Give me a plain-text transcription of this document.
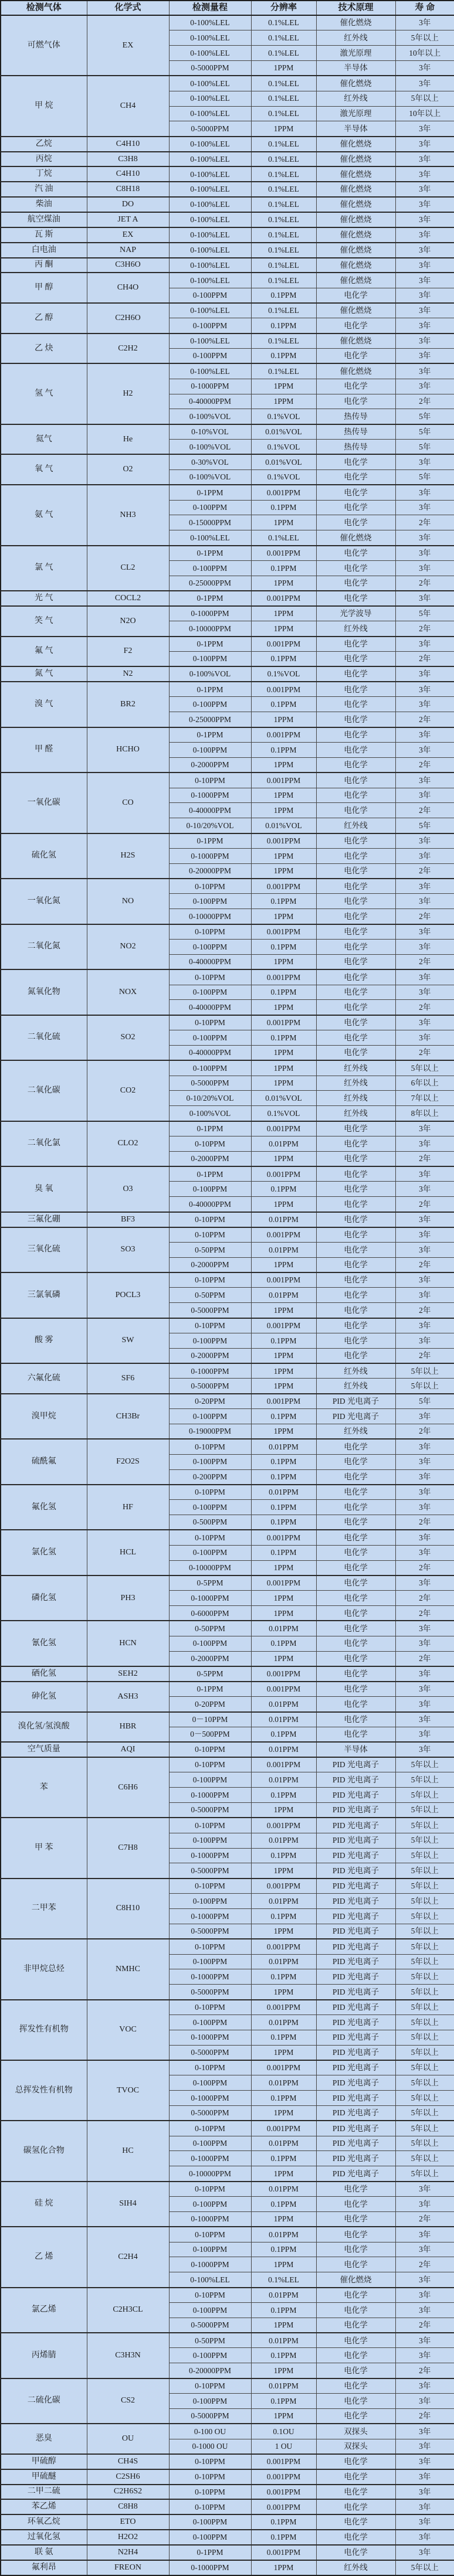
检测气体	化学式	检测量程	分辨率	技术原理	寿 命
可燃气体	EX	0-100%LEL	0.1%LEL	催化燃烧	3年
		0-100%LEL	0.1%LEL	红外线	5年以上
		0-100%LEL	0.1%LEL	激光原理	10年以上
		0-5000PPM	1PPM	半导体	3年
甲 烷	CH4	0-100%LEL	0.1%LEL	催化燃烧	3年
		0-100%LEL	0.1%LEL	红外线	5年以上
		0-100%LEL	0.1%LEL	激光原理	10年以上
		0-5000PPM	1PPM	半导体	3年
乙烷	C4H10	0-100%LEL	0.1%LEL	催化燃烧	3年
丙烷	C3H8	0-100%LEL	0.1%LEL	催化燃烧	3年
丁烷	C4H10	0-100%LEL	0.1%LEL	催化燃烧	3年
汽 油	C8H18	0-100%LEL	0.1%LEL	催化燃烧	3年
柴油	DO	0-100%LEL	0.1%LEL	催化燃烧	3年
航空煤油	JET A	0-100%LEL	0.1%LEL	催化燃烧	3年
瓦 斯	EX	0-100%LEL	0.1%LEL	催化燃烧	3年
白电油	NAP	0-100%LEL	0.1%LEL	催化燃烧	3年
丙 酮	C3H6O	0-100%LEL	0.1%LEL	催化燃烧	3年
甲 醇	CH4O	0-100%LEL	0.1%LEL	催化燃烧	3年
		0-100PPM	0.1PPM	电化学	3年
乙 醇	C2H6O	0-100%LEL	0.1%LEL	催化燃烧	3年
		0-100PPM	0.1PPM	电化学	3年
乙 炔	C2H2	0-100%LEL	0.1%LEL	催化燃烧	3年
		0-100PPM	0.1PPM	电化学	3年
氢 气	H2	0-100%LEL	0.1%LEL	催化燃烧	3年
		0-1000PPM	1PPM	电化学	3年
		0-40000PPM	1PPM	电化学	2年
		0-100%VOL	0.1%VOL	热传导	5年
氦气	He	0-10%VOL	0.01%VOL	热传导	5年
		0-100%VOL	0.1%VOL	热传导	5年
氧 气	O2	0-30%VOL	0.01%VOL	电化学	3年
		0-100%VOL	0.1%VOL	电化学	5年
氨 气	NH3	0-1PPM	0.001PPM	电化学	3年
		0-100PPM	0.1PPM	电化学	3年
		0-15000PPM	1PPM	电化学	2年
		0-100%LEL	0.1%LEL	催化燃烧	3年
氯 气	CL2	0-1PPM	0.001PPM	电化学	3年
		0-100PPM	0.1PPM	电化学	3年
		0-25000PPM	1PPM	电化学	2年
光 气	COCL2	0-1PPM	0.001PPM	电化学	3年
笑 气	N2O	0-1000PPM	1PPM	光学波导	5年
		0-10000PPM	1PPM	红外线	2年
氟 气	F2	0-1PPM	0.001PPM	电化学	3年
		0-100PPM	0.1PPM	电化学	2年
氮 气	N2	0-100%VOL	0.1%VOL	电化学	3年
溴 气	BR2	0-1PPM	0.001PPM	电化学	3年
		0-100PPM	0.1PPM	电化学	3年
		0-25000PPM	1PPM	电化学	2年
甲 醛	HCHO	0-1PPM	0.001PPM	电化学	3年
		0-100PPM	0.1PPM	电化学	3年
		0-2000PPM	1PPM	电化学	2年
一氧化碳	CO	0-10PPM	0.001PPM	电化学	3年
		0-1000PPM	1PPM	电化学	3年
		0-40000PPM	1PPM	电化学	2年
		0-10/20%VOL	0.01%VOL	红外线	5年
硫化氢	H2S	0-1PPM	0.001PPM	电化学	3年
		0-1000PPM	1PPM	电化学	3年
		0-20000PPM	1PPM	电化学	2年
一氧化氮	NO	0-10PPM	0.001PPM	电化学	3年
		0-100PPM	0.1PPM	电化学	3年
		0-10000PPM	1PPM	电化学	2年
二氧化氮	NO2	0-10PPM	0.001PPM	电化学	3年
		0-100PPM	0.1PPM	电化学	3年
		0-40000PPM	1PPM	电化学	2年
氮氧化物	NOX	0-10PPM	0.001PPM	电化学	3年
		0-100PPM	0.1PPM	电化学	3年
		0-40000PPM	1PPM	电化学	2年
二氧化硫	SO2	0-10PPM	0.001PPM	电化学	3年
		0-100PPM	0.1PPM	电化学	3年
		0-40000PPM	1PPM	电化学	2年
二氧化碳	CO2	0-100PPM	1PPM	红外线	5年以上
		0-5000PPM	1PPM	红外线	6年以上
		0-10/20%VOL	0.01%VOL	红外线	7年以上
		0-100%VOL	0.1%VOL	红外线	8年以上
二氧化氯	CLO2	0-1PPM	0.001PPM	电化学	3年
		0-10PPM	0.01PPM	电化学	3年
		0-2000PPM	1PPM	电化学	2年
臭 氧	O3	0-1PPM	0.001PPM	电化学	3年
		0-100PPM	0.1PPM	电化学	3年
		0-40000PPM	1PPM	电化学	2年
三氟化硼	BF3	0-10PPM	0.01PPM	电化学	3年
三氧化硫	SO3	0-10PPM	0.001PPM	电化学	3年
		0-50PPM	0.01PPM	电化学	3年
		0-2000PPM	1PPM	电化学	2年
三氯氧磷	POCL3	0-10PPM	0.001PPM	电化学	3年
		0-50PPM	0.01PPM	电化学	3年
		0-5000PPM	1PPM	电化学	2年
酸 雾	SW	0-10PPM	0.001PPM	电化学	3年
		0-100PPM	0.1PPM	电化学	3年
		0-2000PPM	1PPM	电化学	2年
六氟化硫	SF6	0-1000PPM	1PPM	红外线	5年以上
		0-5000PPM	1PPM	红外线	5年以上
溴甲烷	CH3Br	0-20PPM	0.001PPM	PID 光电离子	5年
		0-100PPM	0.1PPM	PID 光电离子	3年
		0-19000PPM	1PPM	红外线	2年
硫酰氟	F2O2S	0-10PPM	0.01PPM	电化学	3年
		0-100PPM	0.1PPM	电化学	3年
		0-200PPM	0.1PPM	电化学	3年
氟化氢	HF	0-10PPM	0.01PPM	电化学	3年
		0-100PPM	0.1PPM	电化学	3年
		0-500PPM	0.1PPM	电化学	2年
氯化氢	HCL	0-10PPM	0.001PPM	电化学	3年
		0-100PPM	0.1PPM	电化学	3年
		0-10000PPM	1PPM	电化学	2年
磷化氢	PH3	0-5PPM	0.001PPM	电化学	3年
		0-1000PPM	1PPM	电化学	2年
		0-6000PPM	1PPM	电化学	2年
氰化氢	HCN	0-50PPM	0.01PPM	电化学	3年
		0-100PPM	0.1PPM	电化学	3年
		0-2000PPM	1PPM	电化学	2年
硒化氢	SEH2	0-5PPM	0.001PPM	电化学	3年
砷化氢	ASH3	0-1PPM	0.001PPM	电化学	3年
		0-20PPM	0.01PPM	电化学	3年
溴化氢/氢溴酸	HBR	0－10PPM	0.01PPM	电化学	3年
		0－500PPM	0.1PPM	电化学	3年
空气质量	AQI	0-10PPM	0.01PPM	半导体	3年
苯	C6H6	0-10PPM	0.001PPM	PID 光电离子	5年以上
		0-100PPM	0.01PPM	PID 光电离子	5年以上
		0-1000PPM	0.1PPM	PID 光电离子	5年以上
		0-5000PPM	1PPM	PID 光电离子	5年以上
甲 苯	C7H8	0-10PPM	0.001PPM	PID 光电离子	5年以上
		0-100PPM	0.01PPM	PID 光电离子	5年以上
		0-1000PPM	0.1PPM	PID 光电离子	5年以上
		0-5000PPM	1PPM	PID 光电离子	5年以上
二甲苯	C8H10	0-10PPM	0.001PPM	PID 光电离子	5年以上
		0-100PPM	0.01PPM	PID 光电离子	5年以上
		0-1000PPM	0.1PPM	PID 光电离子	5年以上
		0-5000PPM	1PPM	PID 光电离子	5年以上
非甲烷总烃	NMHC	0-10PPM	0.001PPM	PID 光电离子	5年以上
		0-100PPM	0.01PPM	PID 光电离子	5年以上
		0-1000PPM	0.1PPM	PID 光电离子	5年以上
		0-5000PPM	1PPM	PID 光电离子	5年以上
挥发性有机物	VOC	0-10PPM	0.001PPM	PID 光电离子	5年以上
		0-100PPM	0.01PPM	PID 光电离子	5年以上
		0-1000PPM	0.1PPM	PID 光电离子	5年以上
		0-5000PPM	1PPM	PID 光电离子	5年以上
总挥发性有机物	TVOC	0-10PPM	0.001PPM	PID 光电离子	5年以上
		0-100PPM	0.01PPM	PID 光电离子	5年以上
		0-1000PPM	0.1PPM	PID 光电离子	5年以上
		0-5000PPM	1PPM	PID 光电离子	5年以上
碳氢化合物	HC	0-10PPM	0.001PPM	PID 光电离子	5年以上
		0-100PPM	0.01PPM	PID 光电离子	5年以上
		0-1000PPM	0.1PPM	PID 光电离子	5年以上
		0-10000PPM	1PPM	PID 光电离子	5年以上
硅 烷	SIH4	0-10PPM	0.01PPM	电化学	3年
		0-100PPM	0.1PPM	电化学	3年
		0-1000PPM	1PPM	电化学	2年
乙 烯	C2H4	0-10PPM	0.01PPM	电化学	3年
		0-100PPM	0.1PPM	电化学	3年
		0-1000PPM	1PPM	电化学	2年
		0-100%LEL	0.1%LEL	催化燃烧	3年
氯乙烯	C2H3CL	0-10PPM	0.01PPM	电化学	3年
		0-100PPM	0.1PPM	电化学	3年
		0-5000PPM	1PPM	电化学	2年
丙烯腈	C3H3N	0-50PPM	0.01PPM	电化学	3年
		0-100PPM	0.1PPM	电化学	3年
		0-20000PPM	1PPM	电化学	2年
二硫化碳	CS2	0-10PPM	0.01PPM	电化学	3年
		0-100PPM	0.1PPM	电化学	3年
		0-5000PPM	1PPM	电化学	2年
恶臭	OU	0-100 OU	0.1OU	双探头	3年
		0-1000 OU	1 OU	双探头	3年
甲硫醇	CH4S	0-10PPM	0.001PPM	电化学	3年
甲硫醚	C2SH6	0-10PPM	0.001PPM	电化学	3年
二甲二硫	C2H6S2	0-10PPM	0.001PPM	电化学	3年
苯乙烯	C8H8	0-10PPM	0.001PPM	电化学	3年
环氧乙烷	ETO	0-100PPM	0.1PPM	电化学	3年
过氧化氢	H2O2	0-100PPM	0.1PPM	电化学	3年
联 氨	N2H4	0-1PPM	0.001PPM	电化学	3年
氟利昂	FREON	0-1000PPM	1PPM	红外线	5年以上
